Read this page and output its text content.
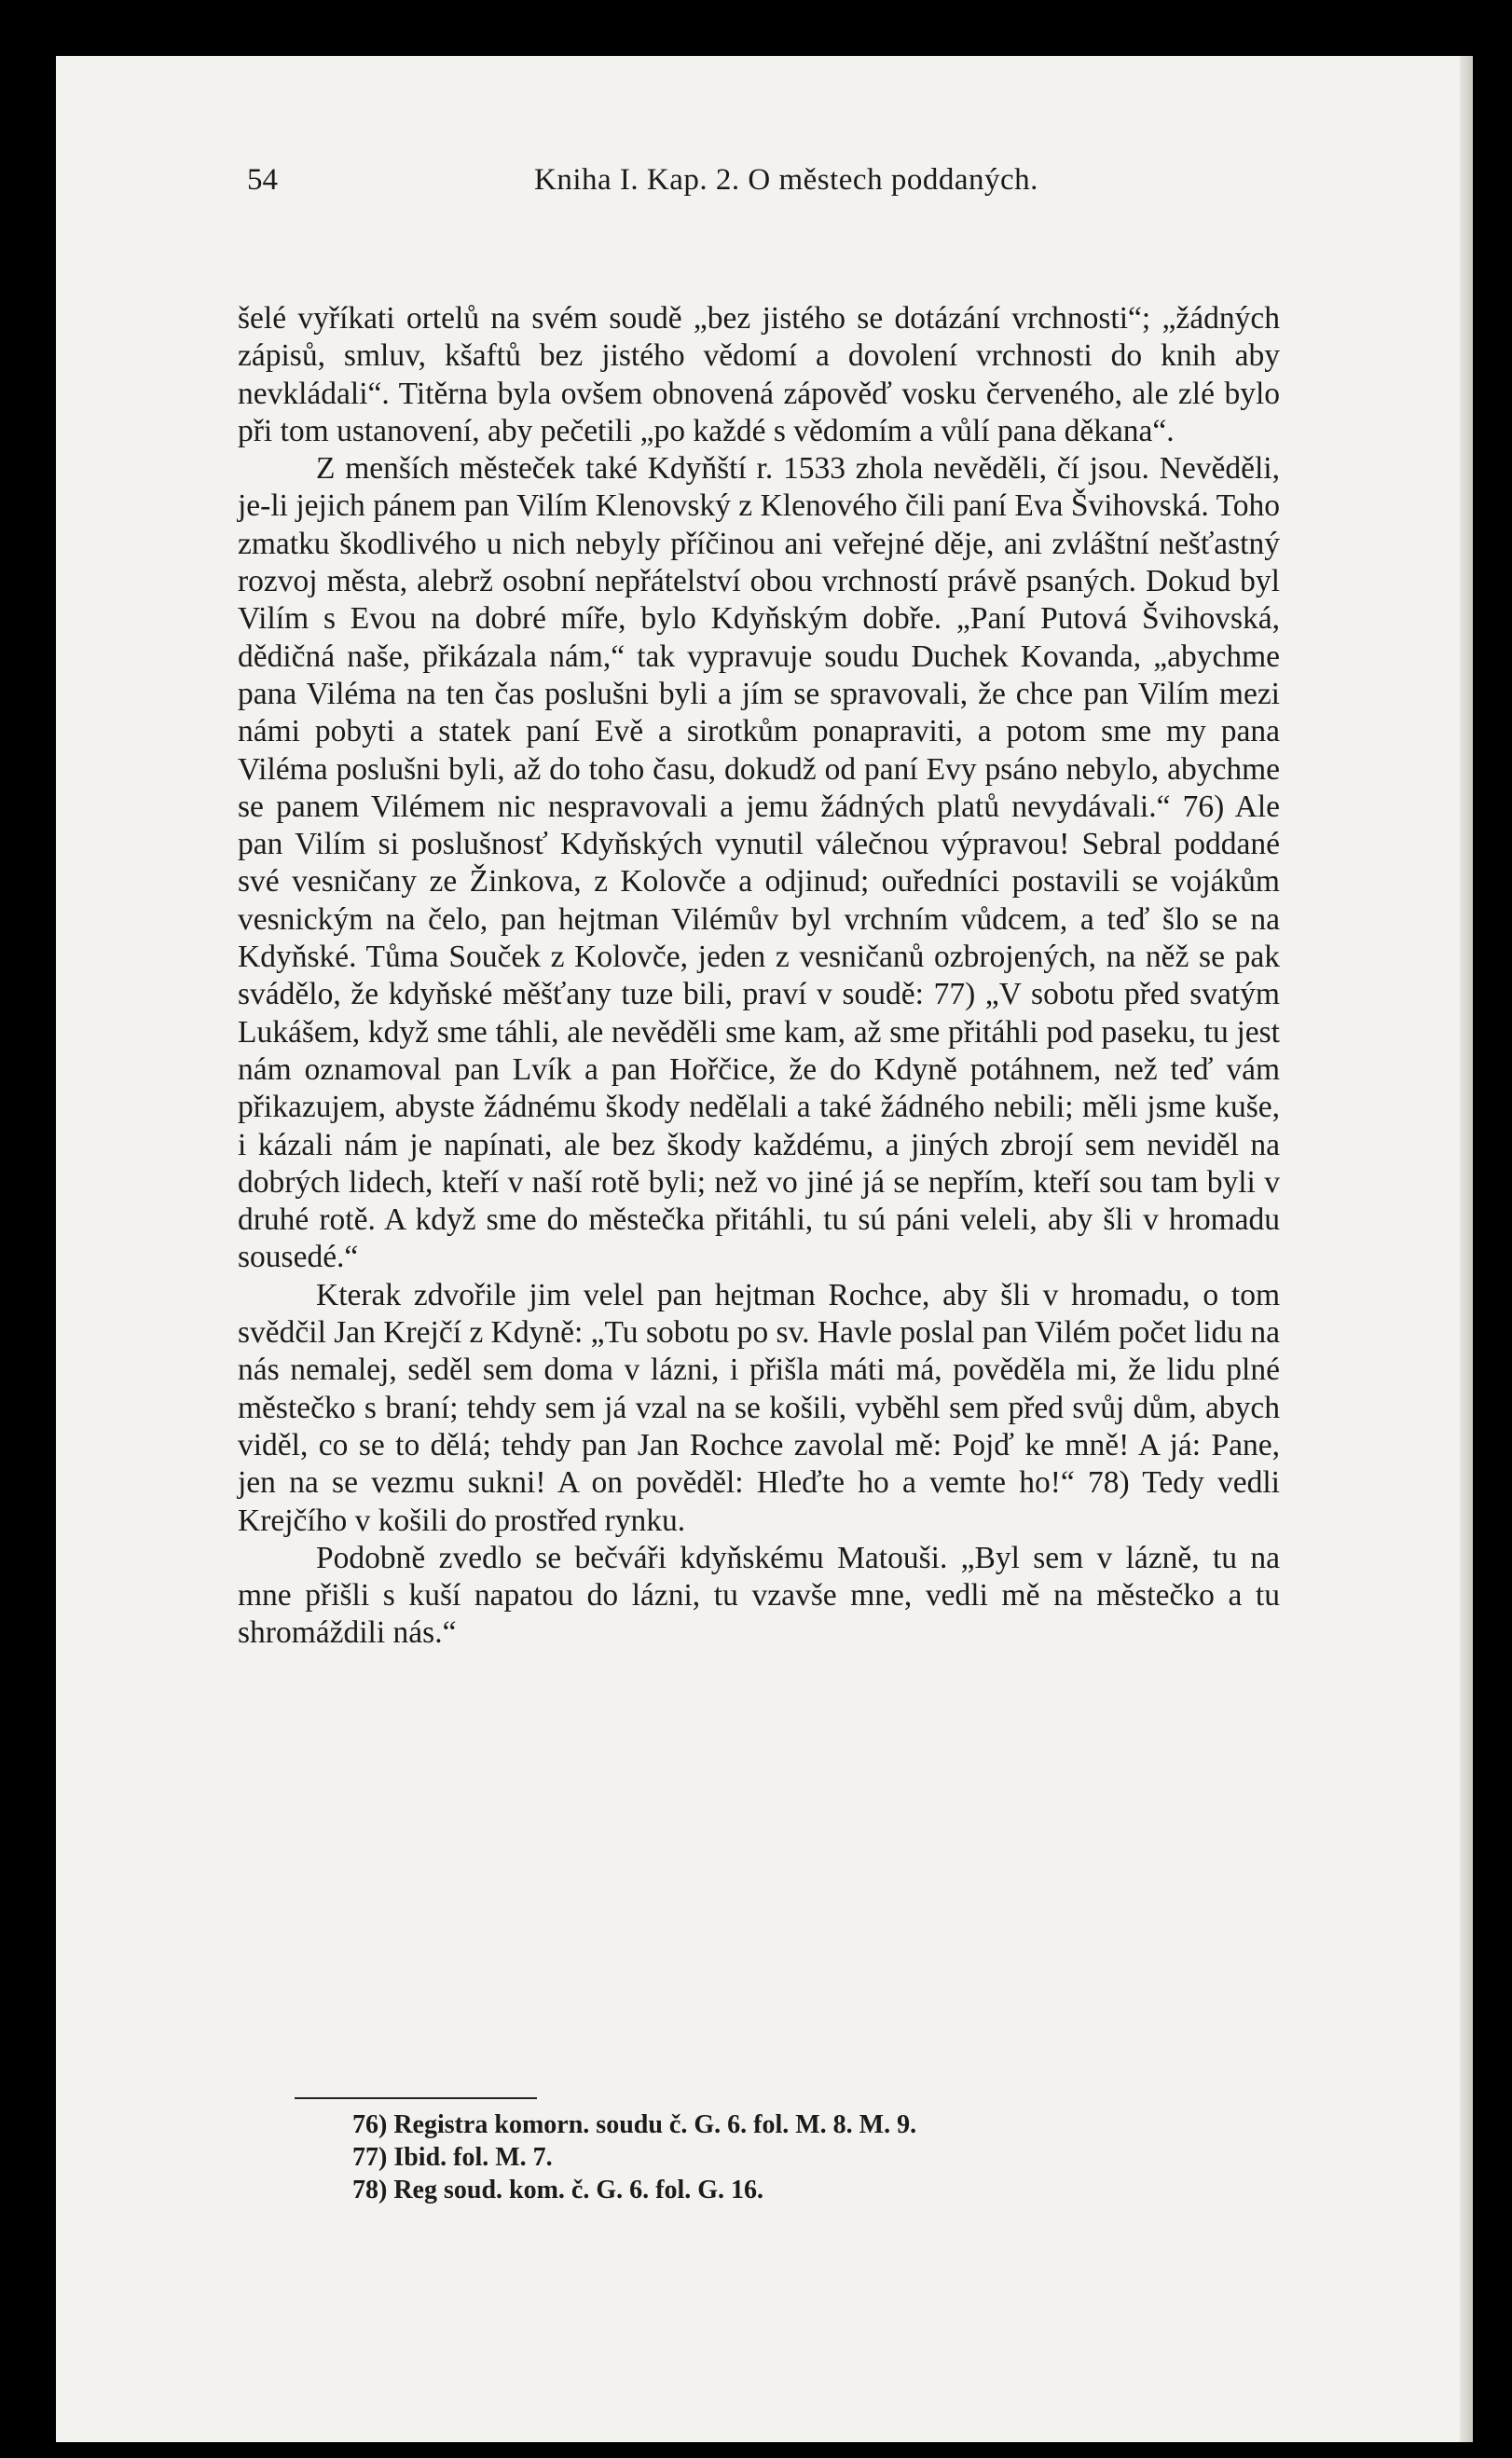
54	Kniha I. Kap. 2. O městech poddaných.

šelé vyříkati ortelů na svém soudě „bez jistého se dotázání vrchnosti“; „žádných zápisů, smluv, kšaftů bez jistého vědomí a dovolení vrchnosti do knih aby nevkládali“. Titěrna byla ovšem obnovená zápověď vosku červeného, ale zlé bylo při tom ustanovení, aby pečetili „po každé s vědomím a vůlí pana děkana“.

Z menších městeček také Kdyňští r. 1533 zhola nevěděli, čí jsou. Nevěděli, je-li jejich pánem pan Vilím Klenovský z Klenového čili paní Eva Švihovská. Toho zmatku škodlivého u nich nebyly příčinou ani veřejné děje, ani zvláštní nešťastný rozvoj města, alebrž osobní nepřátelství obou vrchností právě psaných. Dokud byl Vilím s Evou na dobré míře, bylo Kdyňským dobře. „Paní Putová Švihovská, dědičná naše, přikázala nám,“ tak vypravuje soudu Duchek Kovanda, „abychme pana Viléma na ten čas poslušni byli a jím se spravovali, že chce pan Vilím mezi námi pobyti a statek paní Evě a sirotkům ponapraviti, a potom sme my pana Viléma poslušni byli, až do toho času, dokudž od paní Evy psáno nebylo, abychme se panem Vilémem nic nespravovali a jemu žádných platů nevydávali.“ 76) Ale pan Vilím si poslušnosť Kdyňských vynutil válečnou výpravou! Sebral poddané své vesničany ze Žinkova, z Kolovče a odjinud; ouředníci postavili se vojákům vesnickým na čelo, pan hejtman Vilémův byl vrchním vůdcem, a teď šlo se na Kdyňské. Tůma Souček z Kolovče, jeden z vesničanů ozbrojených, na něž se pak svádělo, že kdyňské měšťany tuze bili, praví v soudě: 77) „V sobotu před svatým Lukášem, když sme táhli, ale nevěděli sme kam, až sme přitáhli pod paseku, tu jest nám oznamoval pan Lvík a pan Hořčice, že do Kdyně potáhnem, než teď vám přikazujem, abyste žádnému škody nedělali a také žádného nebili; měli jsme kuše, i kázali nám je napínati, ale bez škody každému, a jiných zbrojí sem neviděl na dobrých lidech, kteří v naší rotě byli; než vo jiné já se nepřím, kteří sou tam byli v druhé rotě. A když sme do městečka přitáhli, tu sú páni veleli, aby šli v hromadu sousedé.“

Kterak zdvořile jim velel pan hejtman Rochce, aby šli v hromadu, o tom svědčil Jan Krejčí z Kdyně: „Tu sobotu po sv. Havle poslal pan Vilém počet lidu na nás nemalej, seděl sem doma v lázni, i přišla máti má, pověděla mi, že lidu plné městečko s braní; tehdy sem já vzal na se košili, vyběhl sem před svůj dům, abych viděl, co se to dělá; tehdy pan Jan Rochce zavolal mě: Pojď ke mně! A já: Pane, jen na se vezmu sukni! A on pověděl: Hleďte ho a vemte ho!“ 78) Tedy vedli Krejčího v košili do prostřed rynku.

Podobně zvedlo se bečváři kdyňskému Matouši. „Byl sem v lázně, tu na mne přišli s kuší napatou do lázni, tu vzavše mne, vedli mě na městečko a tu shromáždili nás.“

76) Registra komorn. soudu č. G. 6. fol. M. 8. M. 9.
77) Ibid. fol. M. 7.
78) Reg soud. kom. č. G. 6. fol. G. 16.
